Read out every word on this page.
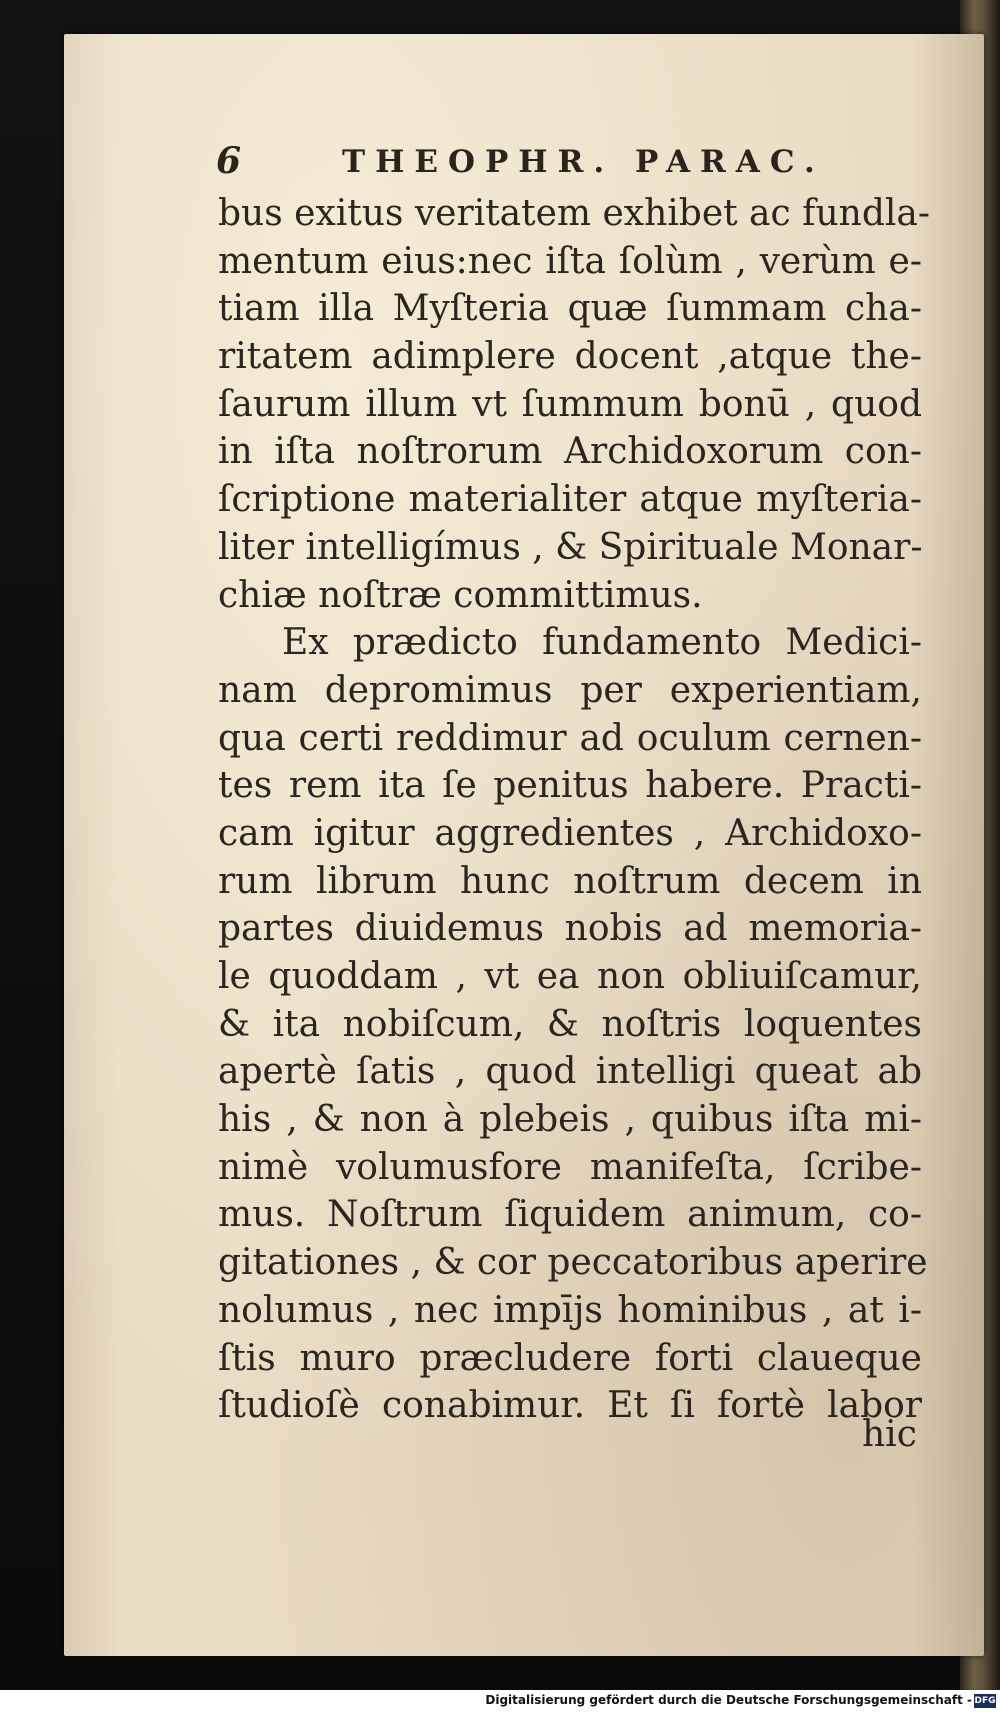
6	THEOPHR. PARAC.
bus exitus veritatem exhibet ac fundla-
mentum eius:nec iſta ſolùm , verùm e-
tiam illa Myſteria quæ ſummam cha-
ritatem adimplere docent ,atque the-
ſaurum illum vt ſummum bonū , quod
in iſta noſtrorum Archidoxorum con-
ſcriptione materialiter atque myſteria-
liter intelligímus , & Spirituale Monar-
chiæ noſtræ committimus.
Ex prædicto fundamento Medici-
nam depromimus per experientiam,
qua certi reddimur ad oculum cernen-
tes rem ita ſe penitus habere. Practi-
cam igitur aggredientes , Archidoxo-
rum librum hunc noſtrum decem in
partes diuidemus nobis ad memoria-
le quoddam , vt ea non obliuiſcamur,
& ita nobiſcum, & noſtris loquentes
apertè ſatis , quod intelligi queat ab
his , & non à plebeis , quibus iſta mi-
nimè volumusfore manifeſta, ſcribe-
mus. Noſtrum ſiquidem animum, co-
gitationes , & cor peccatoribus aperire
nolumus , nec impījs hominibus , at i-
ſtis muro præcludere forti claueque
ſtudioſè conabimur. Et ſi fortè labor
hic
Digitalisierung gefördert durch die Deutsche Forschungsgemeinschaft - DFG
